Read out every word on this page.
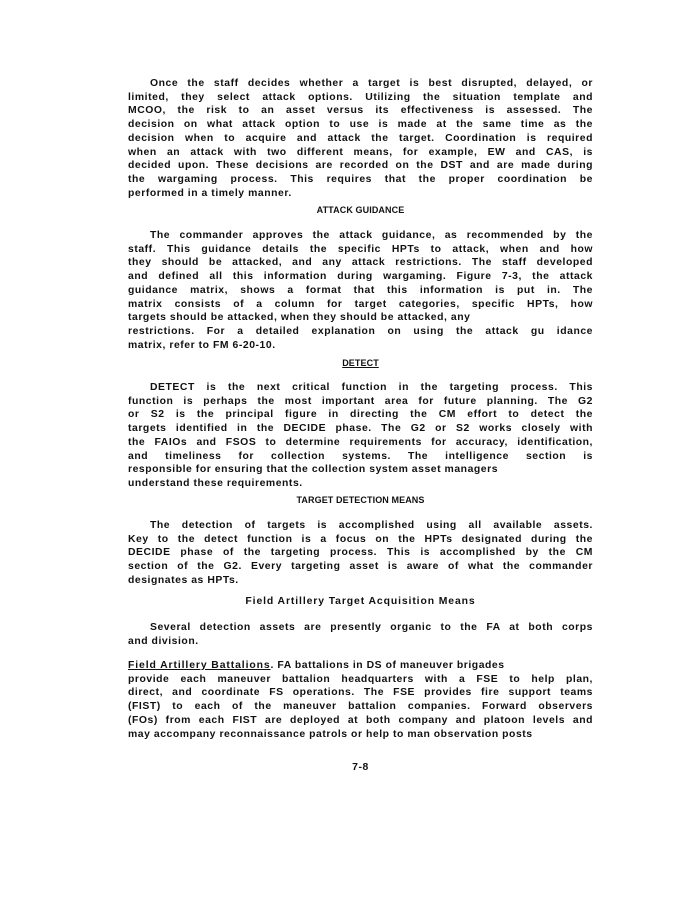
Once the staff decides whether a target is best disrupted, delayed, or
limited, they select attack options. Utilizing the situation template and
MCOO, the risk to an asset versus its effectiveness is assessed. The
decision on what attack option to use is made at the same time as the
decision when to acquire and attack the target. Coordination is required
when an attack with two different means, for example, EW and CAS, is
decided upon. These decisions are recorded on the DST and are made during
the wargaming process. This requires that the proper coordination be
performed in a timely manner.
ATTACK GUIDANCE
The commander approves the attack guidance, as recommended by the
staff. This guidance details the specific HPTs to attack, when and how
they should be attacked, and any attack restrictions. The staff developed
and defined all this information during wargaming. Figure 7-3, the attack
guidance matrix, shows a format that this information is put in. The
matrix consists of a column for target categories, specific HPTs, how
targets should be attacked, when they should be attacked, any
restrictions. For a detailed explanation on using the attack gu idance
matrix, refer to FM 6-20-10.
DETECT
DETECT is the next critical function in the targeting process. This
function is perhaps the most important area for future planning. The G2
or S2 is the principal figure in directing the CM effort to detect the
targets identified in the DECIDE phase. The G2 or S2 works closely with
the FAIOs and FSOS to determine requirements for accuracy, identification,
and timeliness for collection systems. The intelligence section is
responsible for ensuring that the collection system asset managers
understand these requirements.
TARGET DETECTION MEANS
The detection of targets is accomplished using all available assets.
Key to the detect function is a focus on the HPTs designated during the
DECIDE phase of the targeting process. This is accomplished by the CM
section of the G2. Every targeting asset is aware of what the commander
designates as HPTs.
Field Artillery Target Acquisition Means
Several detection assets are presently organic to the FA at both corps
and division.
Field Artillery Battalions. FA battalions in DS of maneuver brigades
provide each maneuver battalion headquarters with a FSE to help plan,
direct, and coordinate FS operations. The FSE provides fire support teams
(FIST) to each of the maneuver battalion companies. Forward observers
(FOs) from each FIST are deployed at both company and platoon levels and
may accompany reconnaissance patrols or help to man observation posts
7-8
